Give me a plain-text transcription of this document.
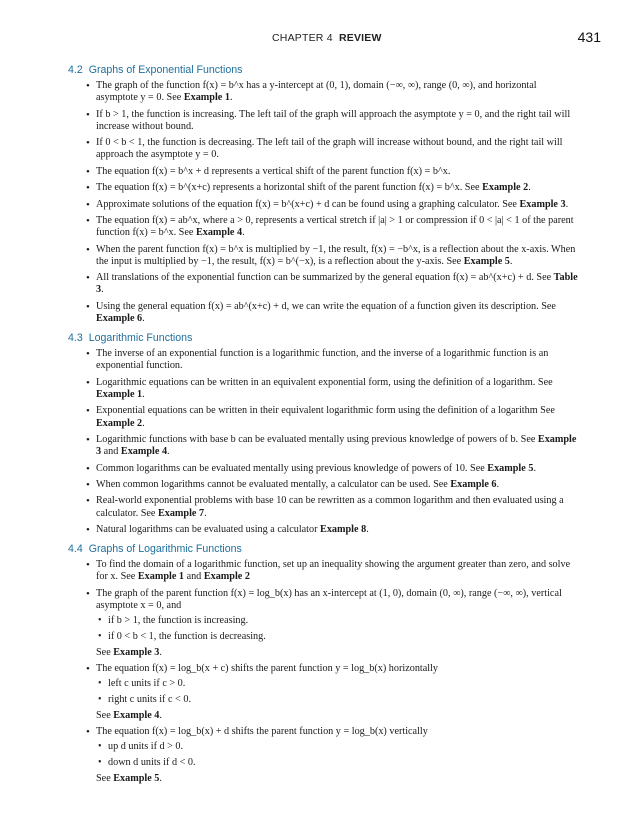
CHAPTER 4 REVIEW	431
4.2 Graphs of Exponential Functions
• The graph of the function f(x) = b^x has a y-intercept at (0, 1), domain (−∞, ∞), range (0, ∞), and horizontal asymptote y = 0. See Example 1.
• If b > 1, the function is increasing. The left tail of the graph will approach the asymptote y = 0, and the right tail will increase without bound.
• If 0 < b < 1, the function is decreasing. The left tail of the graph will increase without bound, and the right tail will approach the asymptote y = 0.
• The equation f(x) = b^x + d represents a vertical shift of the parent function f(x) = b^x.
• The equation f(x) = b^(x+c) represents a horizontal shift of the parent function f(x) = b^x. See Example 2.
• Approximate solutions of the equation f(x) = b^(x+c) + d can be found using a graphing calculator. See Example 3.
• The equation f(x) = ab^x, where a > 0, represents a vertical stretch if |a| > 1 or compression if 0 < |a| < 1 of the parent function f(x) = b^x. See Example 4.
• When the parent function f(x) = b^x is multiplied by −1, the result, f(x) = −b^x, is a reflection about the x-axis. When the input is multiplied by −1, the result, f(x) = b^(−x), is a reflection about the y-axis. See Example 5.
• All translations of the exponential function can be summarized by the general equation f(x) = ab^(x+c) + d. See Table 3.
• Using the general equation f(x) = ab^(x+c) + d, we can write the equation of a function given its description. See Example 6.
4.3 Logarithmic Functions
• The inverse of an exponential function is a logarithmic function, and the inverse of a logarithmic function is an exponential function.
• Logarithmic equations can be written in an equivalent exponential form, using the definition of a logarithm. See Example 1.
• Exponential equations can be written in their equivalent logarithmic form using the definition of a logarithm See Example 2.
• Logarithmic functions with base b can be evaluated mentally using previous knowledge of powers of b. See Example 3 and Example 4.
• Common logarithms can be evaluated mentally using previous knowledge of powers of 10. See Example 5.
• When common logarithms cannot be evaluated mentally, a calculator can be used. See Example 6.
• Real-world exponential problems with base 10 can be rewritten as a common logarithm and then evaluated using a calculator. See Example 7.
• Natural logarithms can be evaluated using a calculator Example 8.
4.4 Graphs of Logarithmic Functions
• To find the domain of a logarithmic function, set up an inequality showing the argument greater than zero, and solve for x. See Example 1 and Example 2
• The graph of the parent function f(x) = log_b(x) has an x-intercept at (1, 0), domain (0, ∞), range (−∞, ∞), vertical asymptote x = 0, and
• if b > 1, the function is increasing.
• if 0 < b < 1, the function is decreasing.
See Example 3.
• The equation f(x) = log_b(x + c) shifts the parent function y = log_b(x) horizontally
• left c units if c > 0.
• right c units if c < 0.
See Example 4.
• The equation f(x) = log_b(x) + d shifts the parent function y = log_b(x) vertically
• up d units if d > 0.
• down d units if d < 0.
See Example 5.
